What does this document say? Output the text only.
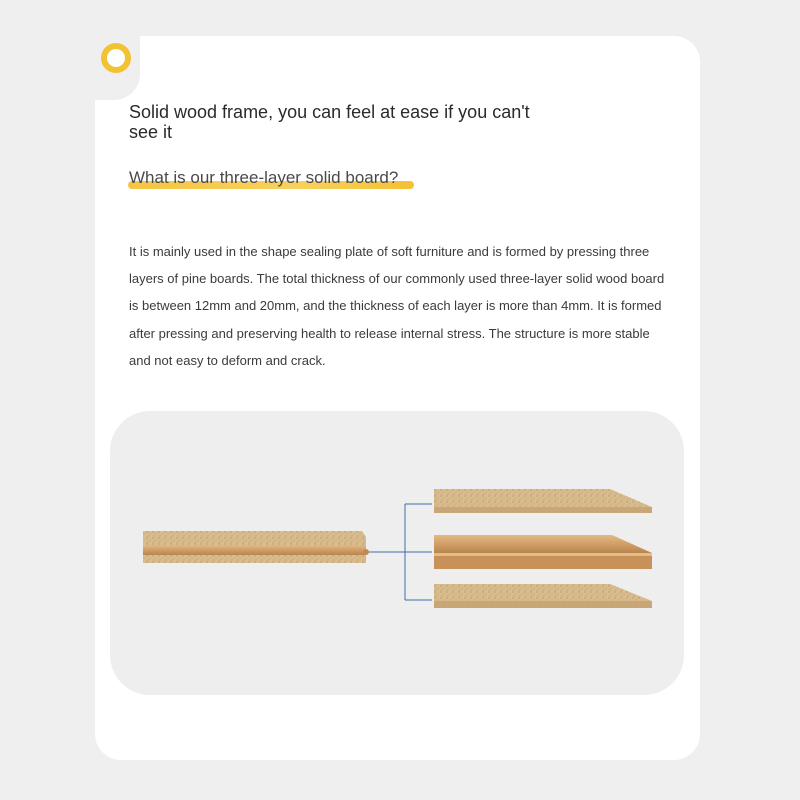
Solid wood frame, you can feel at ease if you can't see it
What is our three-layer solid board?

It is mainly used in the shape sealing plate of soft furniture and is formed by pressing three layers of pine boards. The total thickness of our commonly used three-layer solid wood board is between 12mm and 20mm, and the thickness of each layer is more than 4mm. It is formed after pressing and preserving health to release internal stress. The structure is more stable and not easy to deform and crack.
